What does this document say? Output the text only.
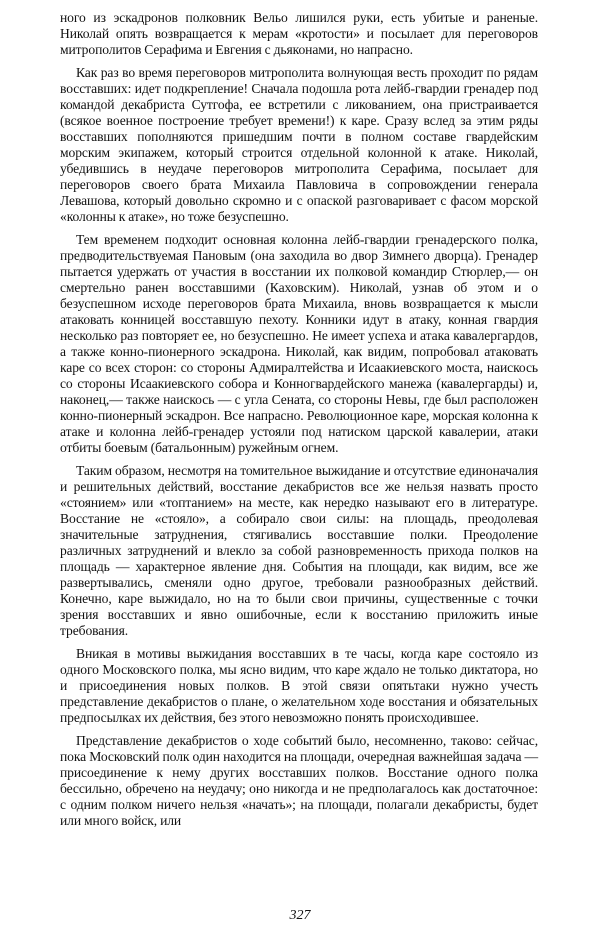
ного из эскадронов полковник Вельо лишился руки, есть убитые и раненые. Николай опять возвращается к мерам «кротости» и посылает для переговоров митрополитов Серафима и Евгения с дьяконами, но напрасно.

Как раз во время переговоров митрополита волнующая весть проходит по рядам восставших: идет подкрепление! Сначала подошла рота лейб-гвардии гренадер под командой декабриста Сутгофа, ее встретили с ликованием, она пристраивается (всякое военное построение требует времени!) к каре. Сразу вслед за этим ряды восставших пополняются пришедшим почти в полном составе гвардейским морским экипажем, который строится отдельной колонной к атаке. Николай, убедившись в неудаче переговоров митрополита Серафима, посылает для переговоров своего брата Михаила Павловича в сопровождении генерала Левашова, который довольно скромно и с опаской разговаривает с фасом морской «колонны к атаке», но тоже безуспешно.

Тем временем подходит основная колонна лейб-гвардии гренадерского полка, предводительствуемая Пановым (она заходила во двор Зимнего дворца). Гренадер пытается удержать от участия в восстании их полковой командир Стюрлер,— он смертельно ранен восставшими (Каховским). Николай, узнав об этом и о безуспешном исходе переговоров брата Михаила, вновь возвращается к мысли атаковать конницей восставшую пехоту. Конники идут в атаку, конная гвардия несколько раз повторяет ее, но безуспешно. Не имеет успеха и атака кавалергардов, а также конно-пионерного эскадрона. Николай, как видим, попробовал атаковать каре со всех сторон: со стороны Адмиралтейства и Исаакиевского моста, наискось со стороны Исаакиевского собора и Конногвардейского манежа (кавалергарды) и, наконец,— также наискось — с угла Сената, со стороны Невы, где был расположен конно-пионерный эскадрон. Все напрасно. Революционное каре, морская колонна к атаке и колонна лейб-гренадер устояли под натиском царской кавалерии, атаки отбиты боевым (батальонным) ружейным огнем.

Таким образом, несмотря на томительное выжидание и отсутствие единоначалия и решительных действий, восстание декабристов все же нельзя назвать просто «стоянием» или «топтанием» на месте, как нередко называют его в литературе. Восстание не «стояло», а собирало свои силы: на площадь, преодолевая значительные затруднения, стягивались восставшие полки. Преодоление различных затруднений и влекло за собой разновременность прихода полков на площадь — характерное явление дня. События на площади, как видим, все же развертывались, сменяли одно другое, требовали разнообразных действий. Конечно, каре выжидало, но на то были свои причины, существенные с точки зрения восставших и явно ошибочные, если к восстанию приложить иные требования.

Вникая в мотивы выжидания восставших в те часы, когда каре состояло из одного Московского полка, мы ясно видим, что каре ждало не только диктатора, но и присоединения новых полков. В этой связи опятьтаки нужно учесть представление декабристов о плане, о желательном ходе восстания и обязательных предпосылках их действия, без этого невозможно понять происходившее.

Представление декабристов о ходе событий было, несомненно, таково: сейчас, пока Московский полк один находится на площади, очередная важнейшая задача — присоединение к нему других восставших полков. Восстание одного полка бессильно, обречено на неудачу; оно никогда и не предполагалось как достаточное: с одним полком ничего нельзя «начать»; на площади, полагали декабристы, будет или много войск, или

327
